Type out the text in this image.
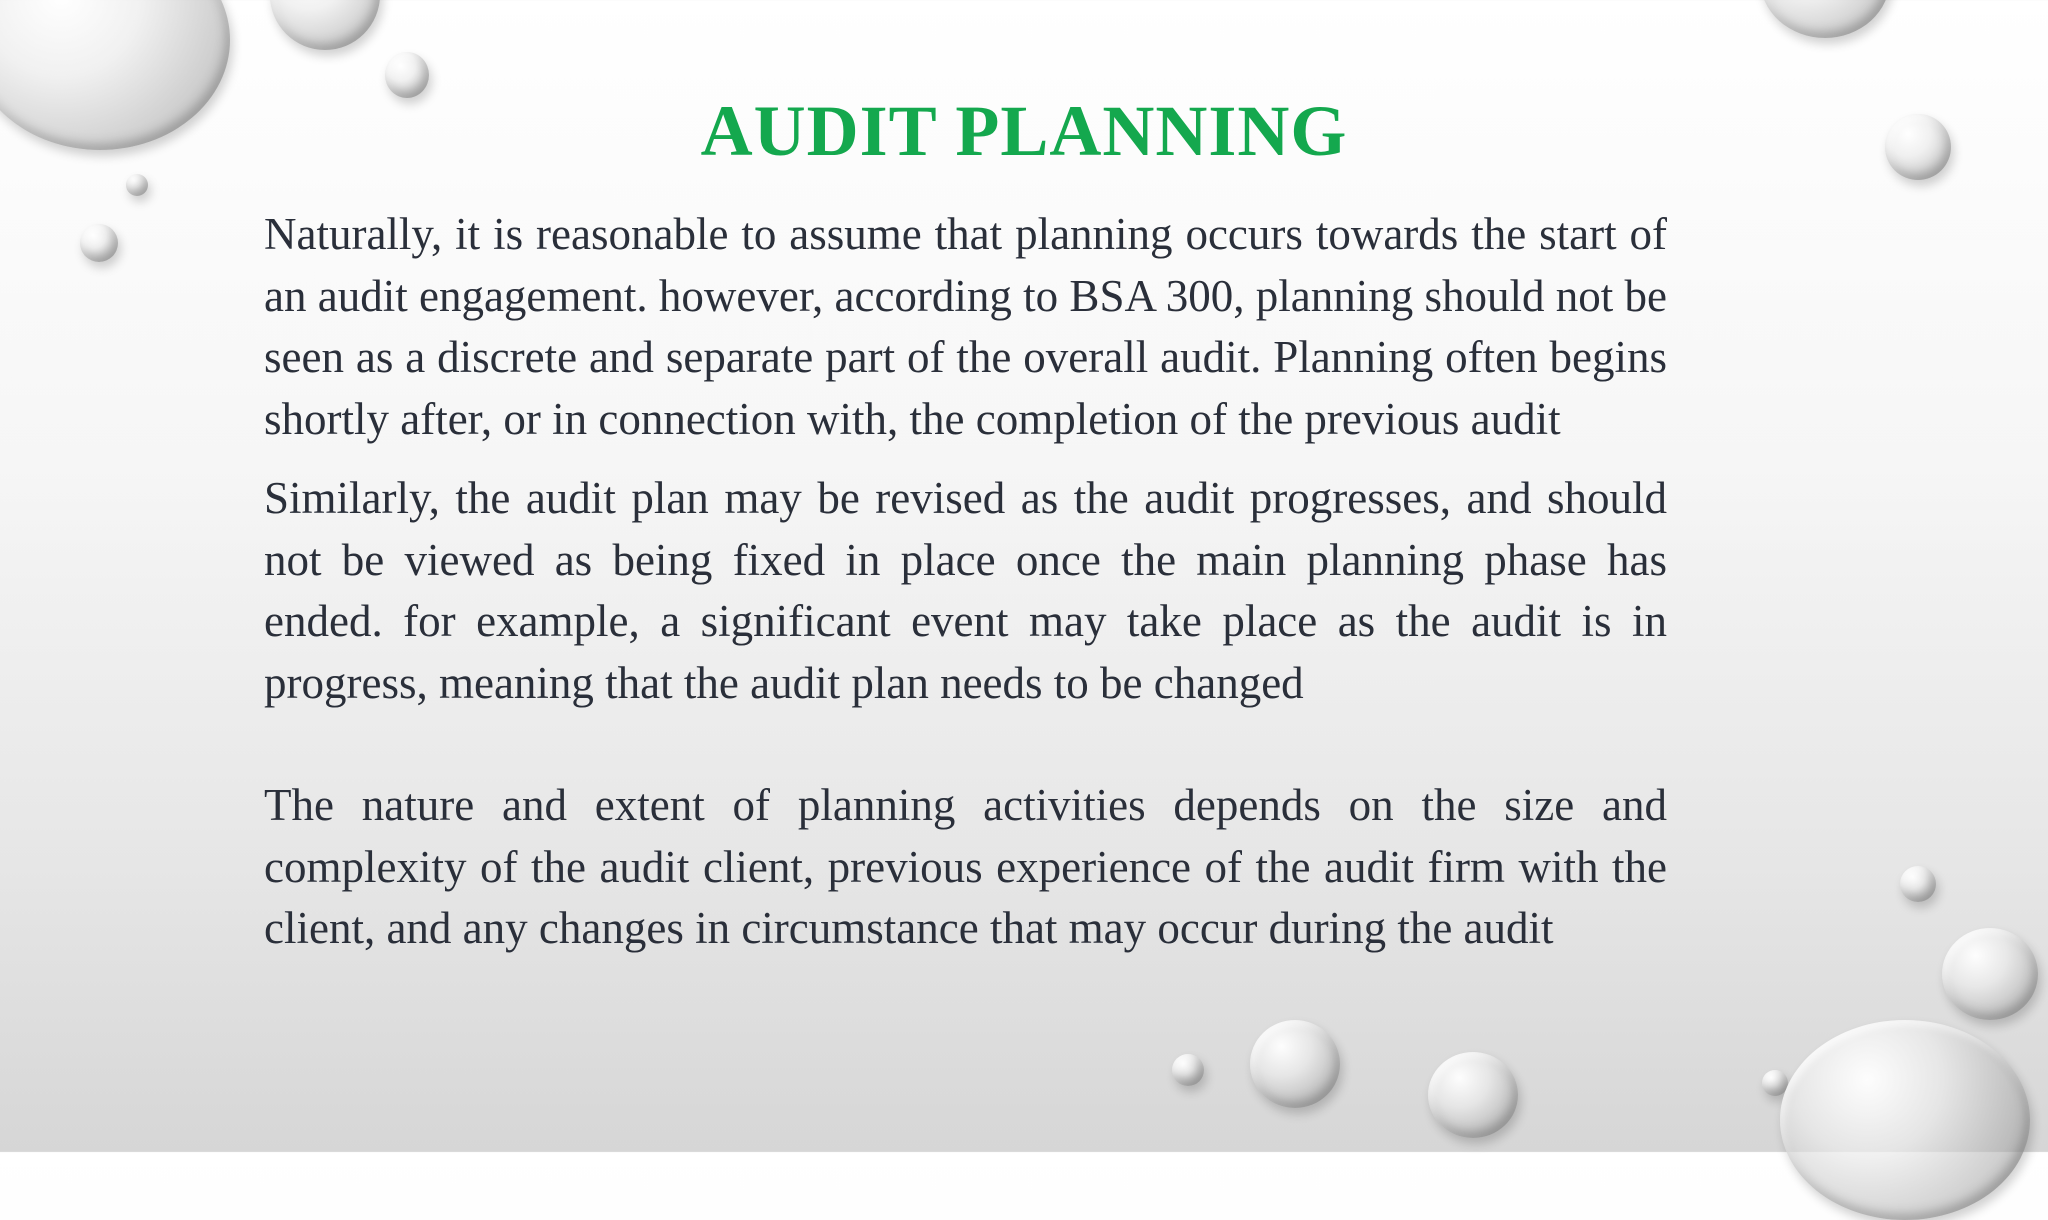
AUDIT PLANNING

Naturally, it is reasonable to assume that planning occurs towards the start of an audit engagement. however, according to BSA 300, planning should not be seen as a discrete and separate part of the overall audit. Planning often begins shortly after, or in connection with, the completion of the previous audit

Similarly, the audit plan may be revised as the audit progresses, and should not be viewed as being fixed in place once the main planning phase has ended. for example, a significant event may take place as the audit is in progress, meaning that the audit plan needs to be changed

The nature and extent of planning activities depends on the size and complexity of the audit client, previous experience of the audit firm with the client, and any changes in circumstance that may occur during the audit
